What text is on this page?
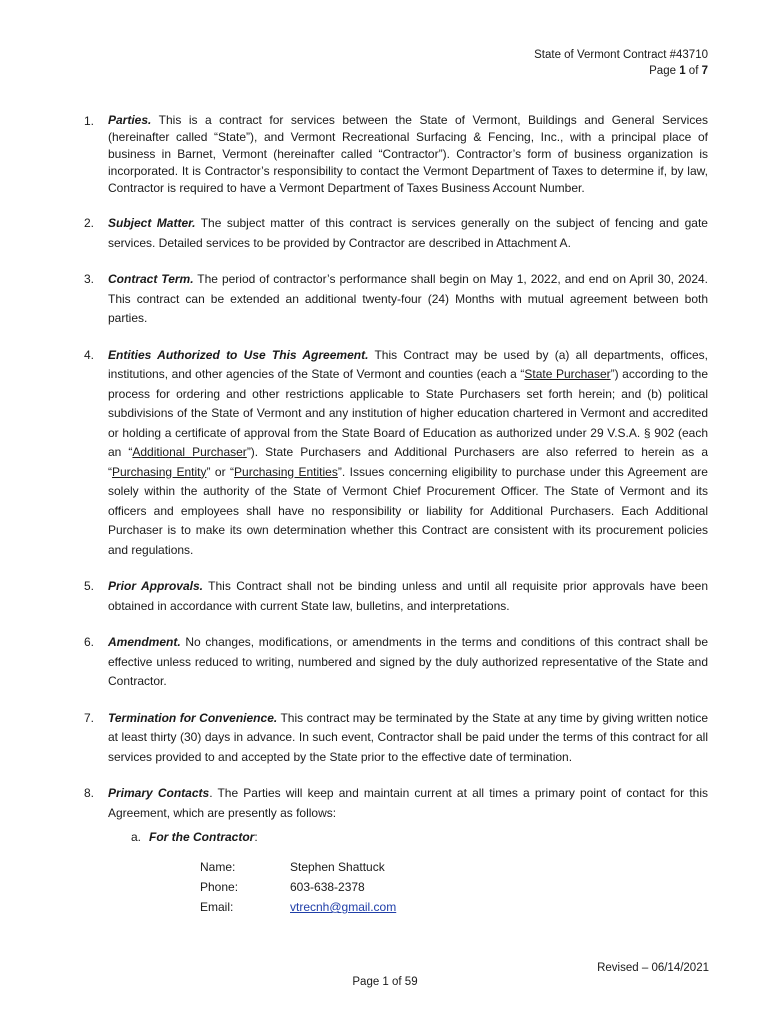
State of Vermont Contract #43710
Page 1 of 7
1.	Parties. This is a contract for services between the State of Vermont, Buildings and General Services (hereinafter called “State”), and Vermont Recreational Surfacing & Fencing, Inc., with a principal place of business in Barnet, Vermont (hereinafter called “Contractor”). Contractor’s form of business organization is incorporated. It is Contractor’s responsibility to contact the Vermont Department of Taxes to determine if, by law, Contractor is required to have a Vermont Department of Taxes Business Account Number.
2.	Subject Matter. The subject matter of this contract is services generally on the subject of fencing and gate services. Detailed services to be provided by Contractor are described in Attachment A.
3.	Contract Term. The period of contractor’s performance shall begin on May 1, 2022, and end on April 30, 2024. This contract can be extended an additional twenty-four (24) Months with mutual agreement between both parties.
4.	Entities Authorized to Use This Agreement. This Contract may be used by (a) all departments, offices, institutions, and other agencies of the State of Vermont and counties (each a “State Purchaser”) according to the process for ordering and other restrictions applicable to State Purchasers set forth herein; and (b) political subdivisions of the State of Vermont and any institution of higher education chartered in Vermont and accredited or holding a certificate of approval from the State Board of Education as authorized under 29 V.S.A. § 902 (each an “Additional Purchaser”). State Purchasers and Additional Purchasers are also referred to herein as a “Purchasing Entity” or “Purchasing Entities”. Issues concerning eligibility to purchase under this Agreement are solely within the authority of the State of Vermont Chief Procurement Officer. The State of Vermont and its officers and employees shall have no responsibility or liability for Additional Purchasers. Each Additional Purchaser is to make its own determination whether this Contract are consistent with its procurement policies and regulations.
5.	Prior Approvals. This Contract shall not be binding unless and until all requisite prior approvals have been obtained in accordance with current State law, bulletins, and interpretations.
6.	Amendment. No changes, modifications, or amendments in the terms and conditions of this contract shall be effective unless reduced to writing, numbered and signed by the duly authorized representative of the State and Contractor.
7.	Termination for Convenience. This contract may be terminated by the State at any time by giving written notice at least thirty (30) days in advance. In such event, Contractor shall be paid under the terms of this contract for all services provided to and accepted by the State prior to the effective date of termination.
8.	Primary Contacts. The Parties will keep and maintain current at all times a primary point of contact for this Agreement, which are presently as follows:
a. For the Contractor:
Name:	Stephen Shattuck
Phone:	603-638-2378
Email:	vtrecnh@gmail.com
Revised – 06/14/2021
Page 1 of 59
